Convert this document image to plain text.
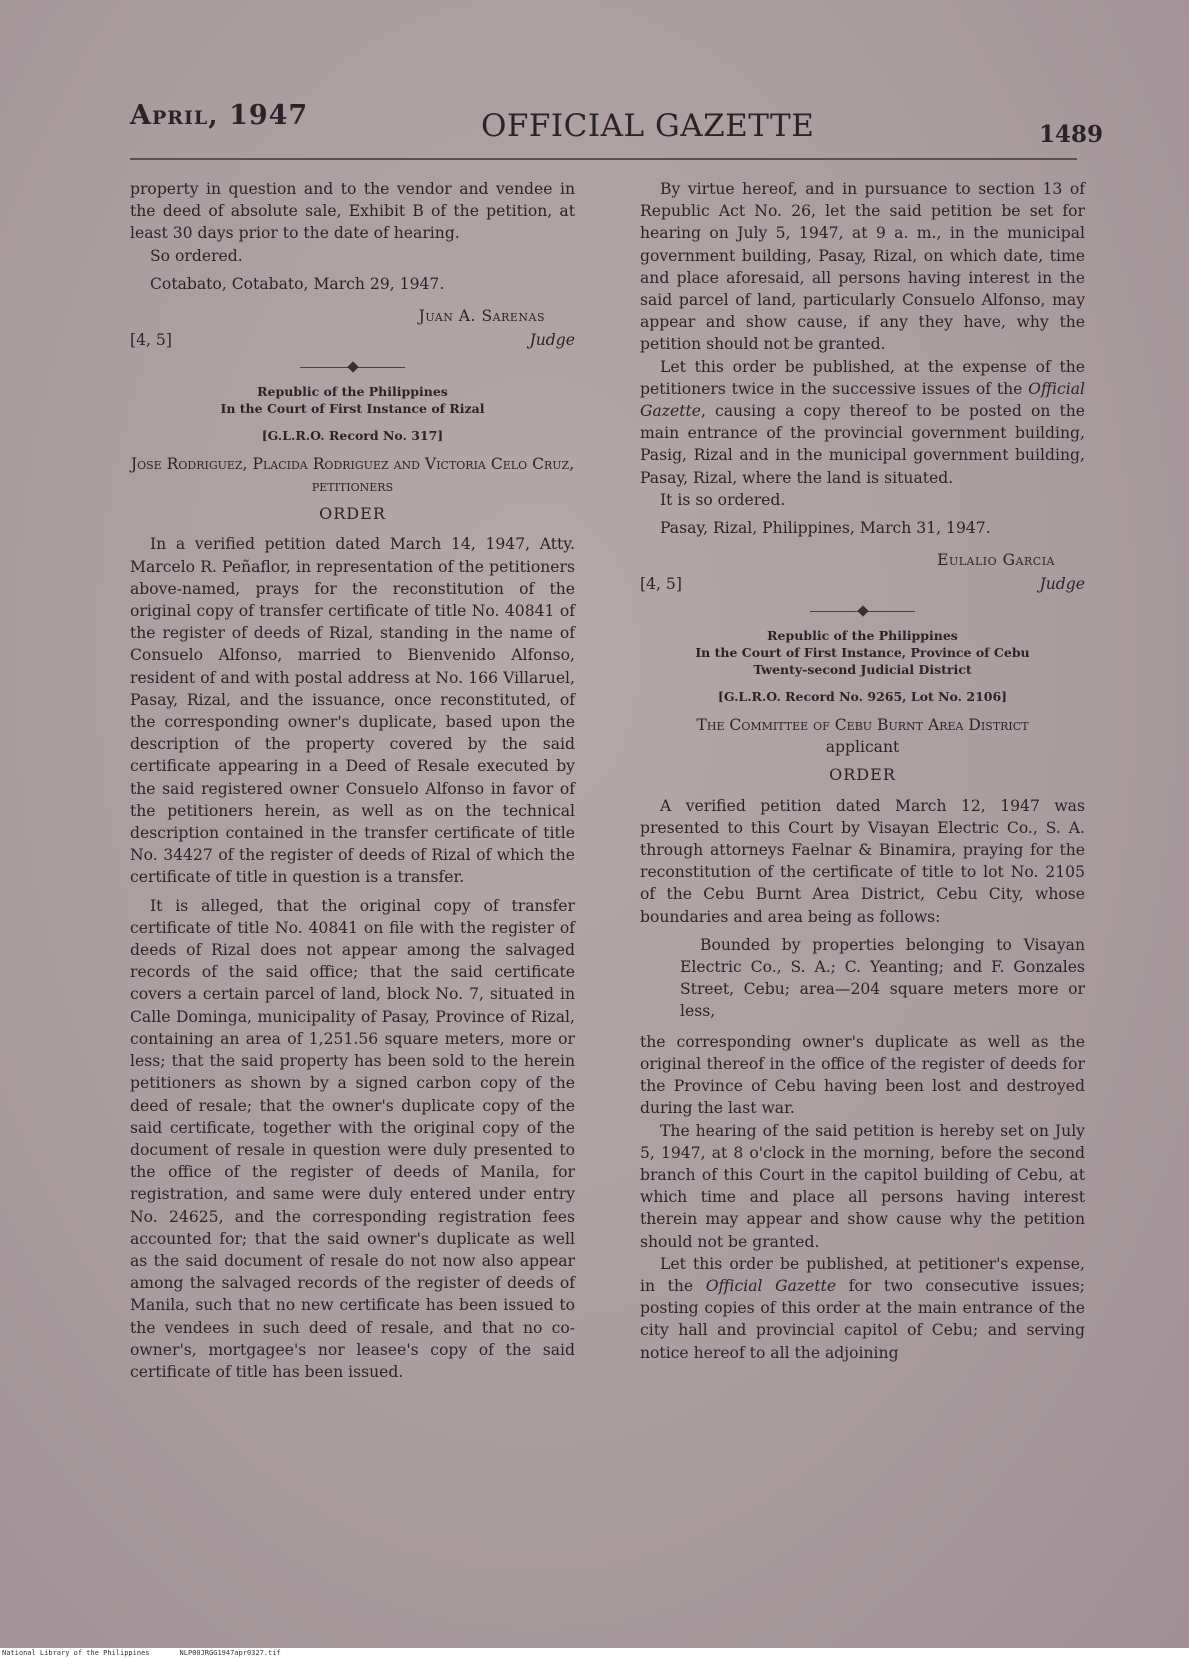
April, 1947	OFFICIAL GAZETTE	1489

property in question and to the vendor and vendee in the deed of absolute sale, Exhibit B of the petition, at least 30 days prior to the date of hearing.

So ordered.

Cotabato, Cotabato, March 29, 1947.

Juan A. Sarenas
[4, 5]	Judge
Republic of the Philippines
In the Court of First Instance of Rizal
[G.L.R.O. Record No. 317]
Jose Rodriguez, Placida Rodriguez and Victoria Celo Cruz, petitioners
ORDER

In a verified petition dated March 14, 1947, Atty. Marcelo R. Peñaflor, in representation of the petitioners above-named, prays for the reconstitution of the original copy of transfer certificate of title No. 40841 of the register of deeds of Rizal, standing in the name of Consuelo Alfonso, married to Bienvenido Alfonso, resident of and with postal address at No. 166 Villaruel, Pasay, Rizal, and the issuance, once reconstituted, of the corresponding owner's duplicate, based upon the description of the property covered by the said certificate appearing in a Deed of Resale executed by the said registered owner Consuelo Alfonso in favor of the petitioners herein, as well as on the technical description contained in the transfer certificate of title No. 34427 of the register of deeds of Rizal of which the certificate of title in question is a transfer.

It is alleged, that the original copy of transfer certificate of title No. 40841 on file with the register of deeds of Rizal does not appear among the salvaged records of the said office; that the said certificate covers a certain parcel of land, block No. 7, situated in Calle Dominga, municipality of Pasay, Province of Rizal, containing an area of 1,251.56 square meters, more or less; that the said property has been sold to the herein petitioners as shown by a signed carbon copy of the deed of resale; that the owner's duplicate copy of the said certificate, together with the original copy of the document of resale in question were duly presented to the office of the register of deeds of Manila, for registration, and same were duly entered under entry No. 24625, and the corresponding registration fees accounted for; that the said owner's duplicate as well as the said document of resale do not now also appear among the salvaged records of the register of deeds of Manila, such that no new certificate has been issued to the vendees in such deed of resale, and that no co-owner's, mortgagee's nor leasee's copy of the said certificate of title has been issued.

By virtue hereof, and in pursuance to section 13 of Republic Act No. 26, let the said petition be set for hearing on July 5, 1947, at 9 a. m., in the municipal government building, Pasay, Rizal, on which date, time and place aforesaid, all persons having interest in the said parcel of land, particularly Consuelo Alfonso, may appear and show cause, if any they have, why the petition should not be granted.

Let this order be published, at the expense of the petitioners twice in the successive issues of the Official Gazette, causing a copy thereof to be posted on the main entrance of the provincial government building, Pasig, Rizal and in the municipal government building, Pasay, Rizal, where the land is situated.

It is so ordered.

Pasay, Rizal, Philippines, March 31, 1947.

Eulalio Garcia
[4, 5]	Judge
Republic of the Philippines
In the Court of First Instance, Province of Cebu
Twenty-second Judicial District
[G.L.R.O. Record No. 9265, Lot No. 2106]
The Committee of Cebu Burnt Area District
applicant
ORDER

A verified petition dated March 12, 1947 was presented to this Court by Visayan Electric Co., S. A. through attorneys Faelnar & Binamira, praying for the reconstitution of the certificate of title to lot No. 2105 of the Cebu Burnt Area District, Cebu City, whose boundaries and area being as follows:

Bounded by properties belonging to Visayan Electric Co., S. A.; C. Yeanting; and F. Gonzales Street, Cebu; area—204 square meters more or less,

the corresponding owner's duplicate as well as the original thereof in the office of the register of deeds for the Province of Cebu having been lost and destroyed during the last war.

The hearing of the said petition is hereby set on July 5, 1947, at 8 o'clock in the morning, before the second branch of this Court in the capitol building of Cebu, at which time and place all persons having interest therein may appear and show cause why the petition should not be granted.

Let this order be published, at petitioner's expense, in the Official Gazette for two consecutive issues; posting copies of this order at the main entrance of the city hall and provincial capitol of Cebu; and serving notice hereof to all the adjoining

National Library of the Philippines	NLP00JRGG1947apr0327.tif
